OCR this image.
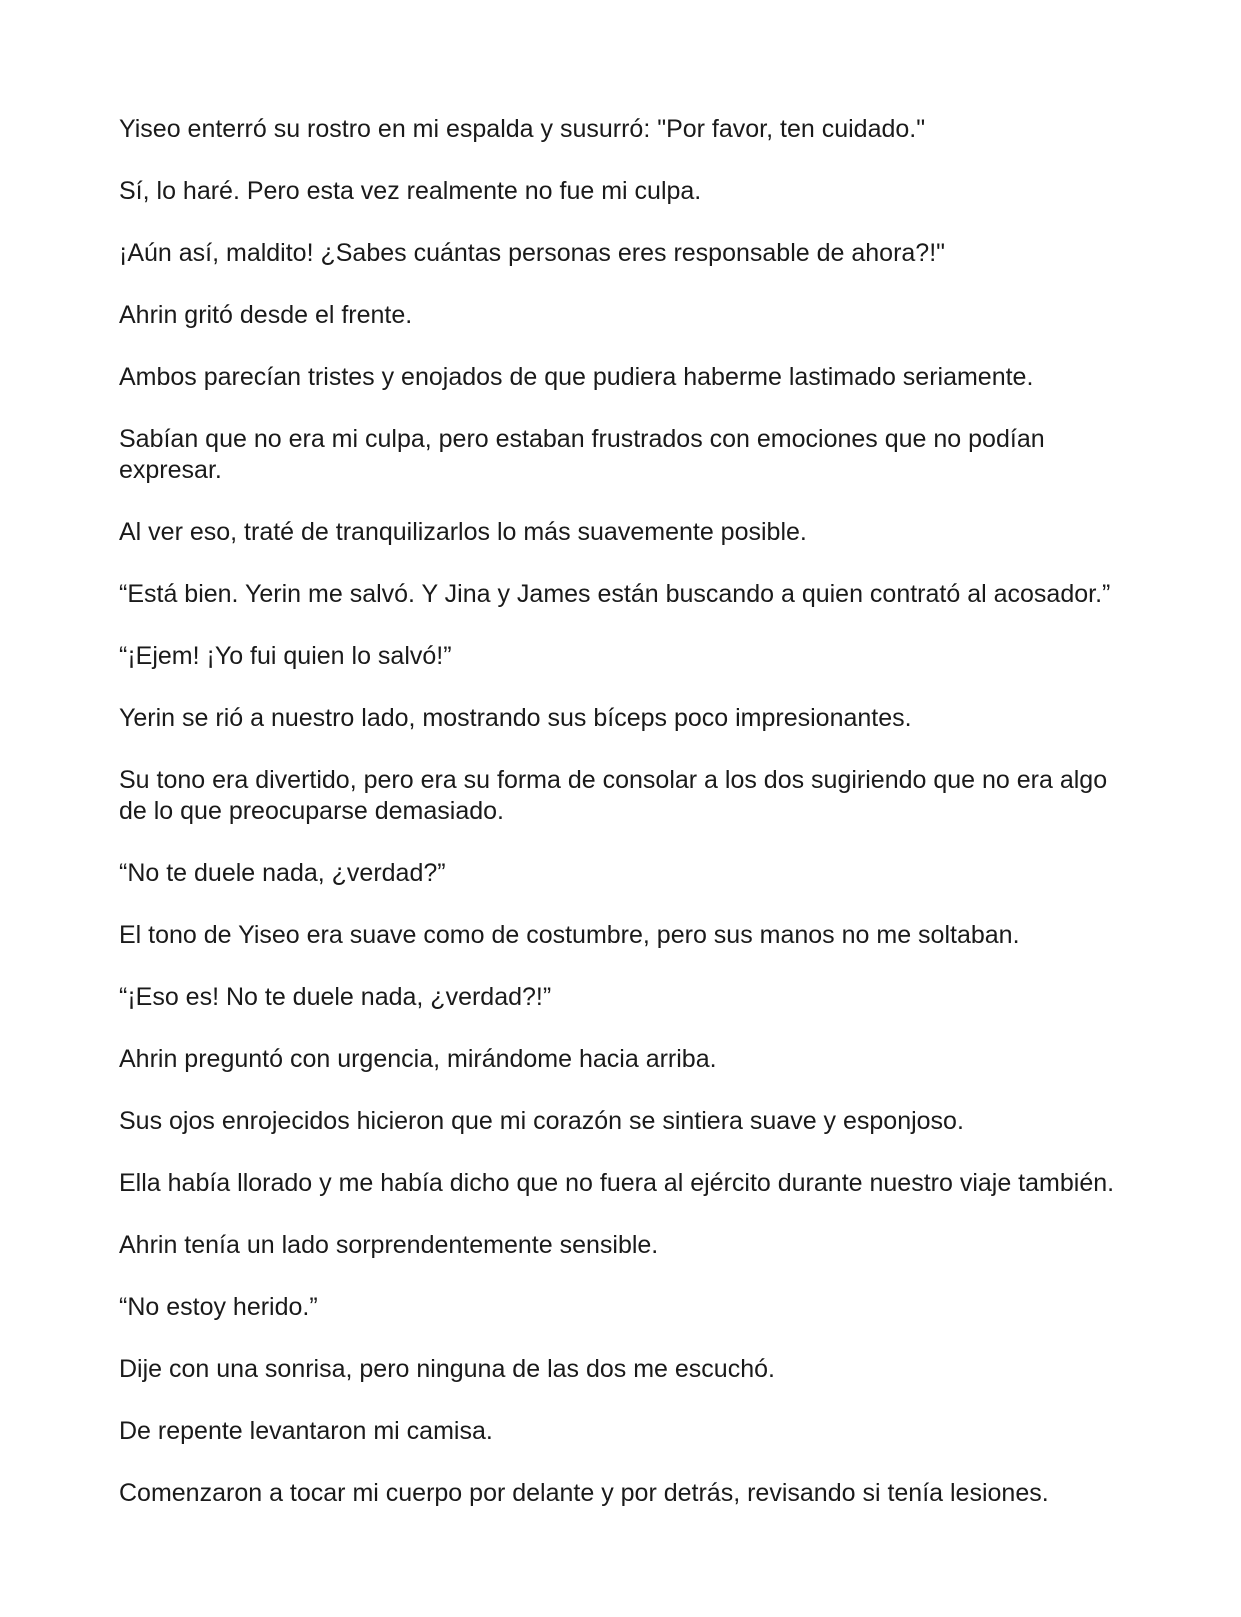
Yiseo enterró su rostro en mi espalda y susurró: "Por favor, ten cuidado."

Sí, lo haré. Pero esta vez realmente no fue mi culpa.

¡Aún así, maldito! ¿Sabes cuántas personas eres responsable de ahora?!"

Ahrin gritó desde el frente.

Ambos parecían tristes y enojados de que pudiera haberme lastimado seriamente.

Sabían que no era mi culpa, pero estaban frustrados con emociones que no podían expresar.

Al ver eso, traté de tranquilizarlos lo más suavemente posible.

“Está bien. Yerin me salvó. Y Jina y James están buscando a quien contrató al acosador.”

“¡Ejem! ¡Yo fui quien lo salvó!”

Yerin se rió a nuestro lado, mostrando sus bíceps poco impresionantes.

Su tono era divertido, pero era su forma de consolar a los dos sugiriendo que no era algo de lo que preocuparse demasiado.

“No te duele nada, ¿verdad?”

El tono de Yiseo era suave como de costumbre, pero sus manos no me soltaban.

“¡Eso es! No te duele nada, ¿verdad?!”

Ahrin preguntó con urgencia, mirándome hacia arriba.

Sus ojos enrojecidos hicieron que mi corazón se sintiera suave y esponjoso.

Ella había llorado y me había dicho que no fuera al ejército durante nuestro viaje también.

Ahrin tenía un lado sorprendentemente sensible.

“No estoy herido.”

Dije con una sonrisa, pero ninguna de las dos me escuchó.

De repente levantaron mi camisa.

Comenzaron a tocar mi cuerpo por delante y por detrás, revisando si tenía lesiones.
